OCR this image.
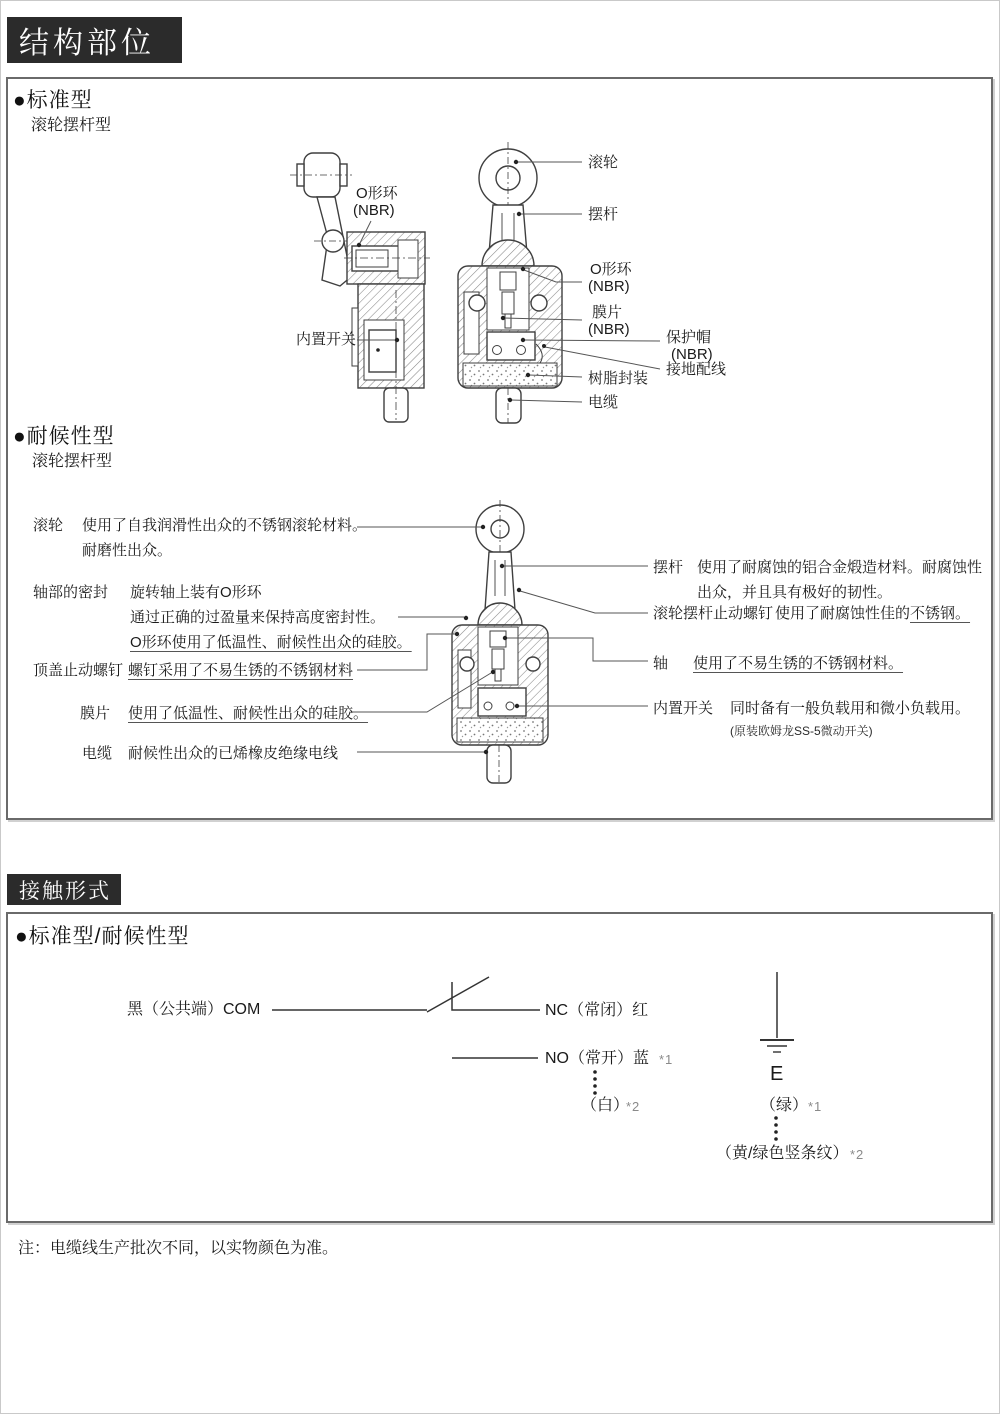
结构部位
接触形式
●标准型
滚轮摆杆型
O形环
(NBR)
内置开关
滚轮
摆杆
O形环
(NBR)
膜片
(NBR) 保护帽
(NBR)
接地配线
树脂封装
电缆
●耐候性型
滚轮摆杆型
滚轮 使用了自我润滑性出众的不锈钢滚轮材料。
耐磨性出众。
轴部的密封 旋转轴上装有O形环
通过正确的过盈量来保持高度密封性。
O形环使用了低温性、耐候性出众的硅胶。
顶盖止动螺钉 螺钉采用了不易生锈的不锈钢材料
膜片 使用了低温性、耐候性出众的硅胶。
电缆 耐候性出众的已烯橡皮绝缘电线
摆杆 使用了耐腐蚀的铝合金煅造材料。耐腐蚀性
出众，并且具有极好的韧性。
滚轮摆杆止动螺钉 使用了耐腐蚀性佳的不锈钢。
轴 使用了不易生锈的不锈钢材料。
内置开关 同时备有一般负载用和微小负载用。
(原装欧姆龙SS-5微动开关)
●标准型/耐候性型
黑（公共端）COM	NC（常闭）红
NO（常开）蓝 *1
（白）
*2
E
（绿） *1
（黄/绿色竖条纹） *2
注：电缆线生产批次不同，以实物颜色为准。
